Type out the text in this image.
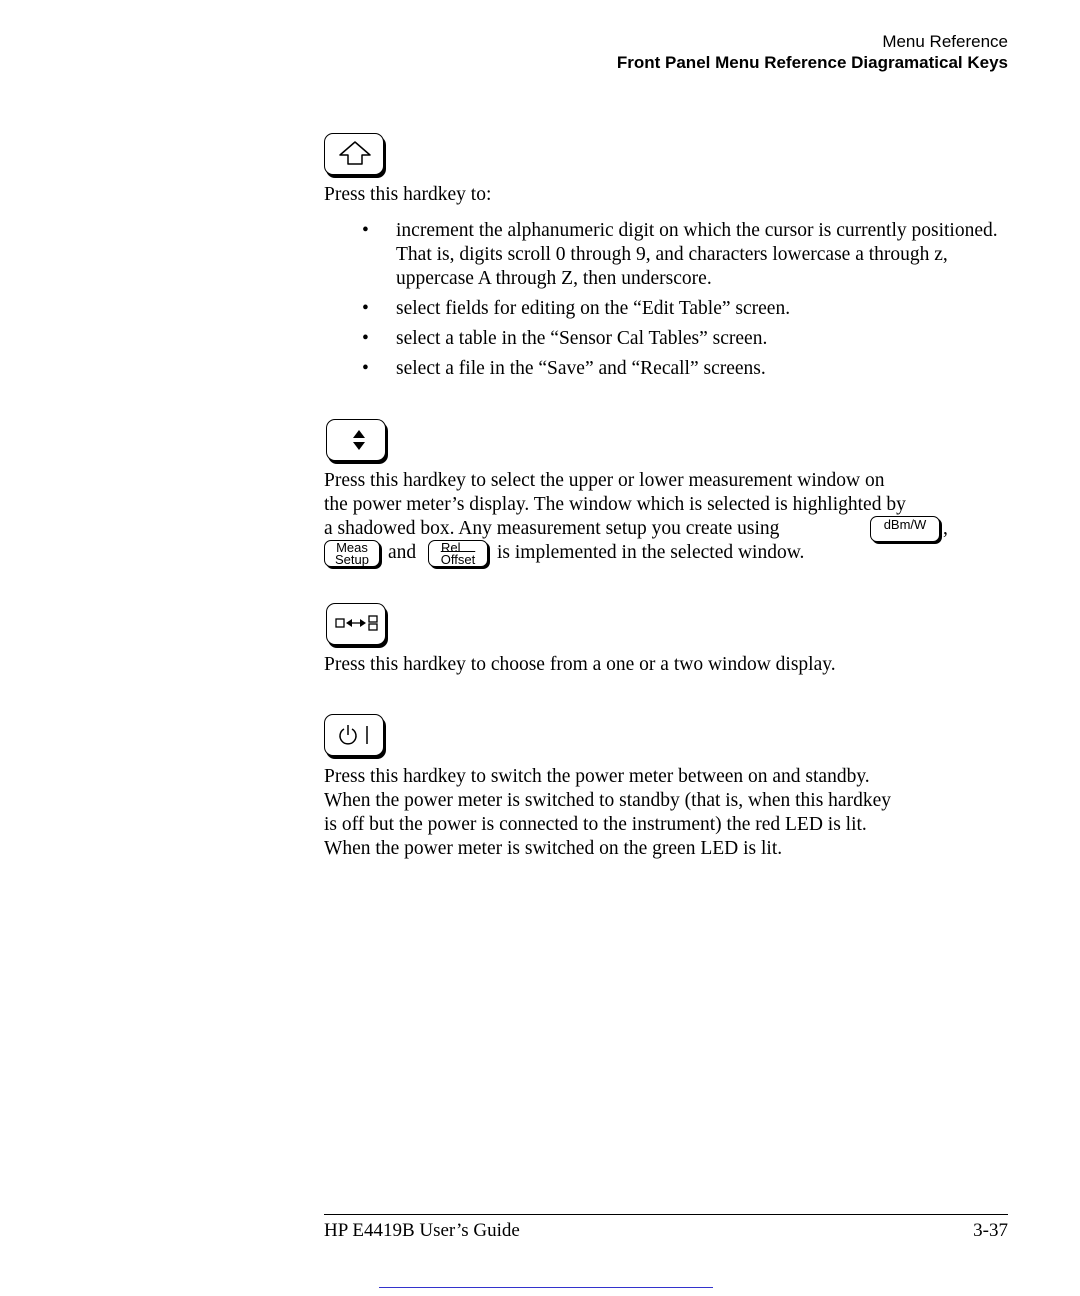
Menu Reference
Front Panel Menu Reference Diagramatical Keys
Press this hardkey to:
• increment the alphanumeric digit on which the cursor is currently positioned. That is, digits scroll 0 through 9, and characters lowercase a through z, uppercase A through Z, then underscore.
• select fields for editing on the “Edit Table” screen.
• select a table in the “Sensor Cal Tables” screen.
• select a file in the “Save” and “Recall” screens.
Press this hardkey to select the upper or lower measurement window on
the power meter’s display. The window which is selected is highlighted by
a shadowed box. Any measurement setup you create using	dBm/W ,
Meas
Setup and	Rel
Offset	is implemented in the selected window.
Press this hardkey to choose from a one or a two window display.
Press this hardkey to switch the power meter between on and standby.
When the power meter is switched to standby (that is, when this hardkey
is off but the power is connected to the instrument) the red LED is lit.
When the power meter is switched on the green LED is lit.
HP E4419B User’s Guide	3-37
